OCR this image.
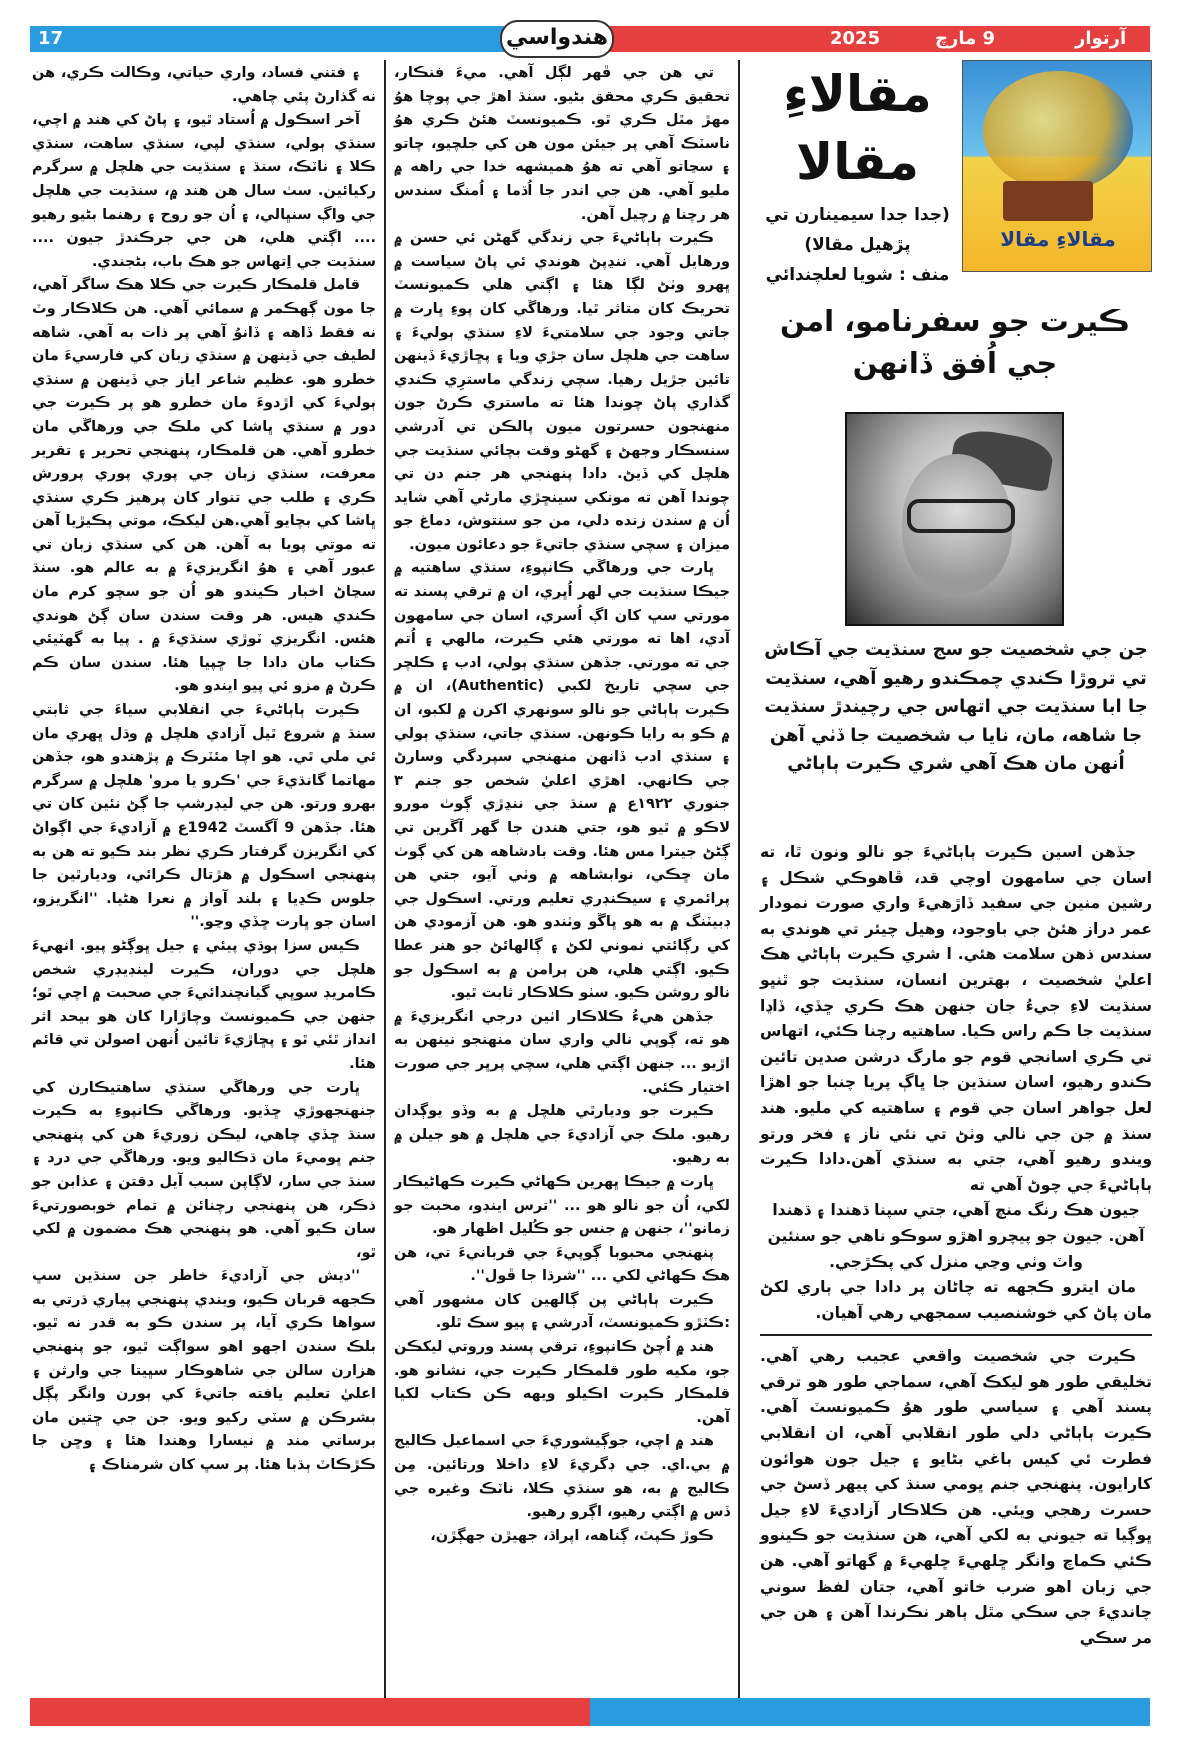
17	هندواسي	2025	9 مارچ	آرتوار
مقالاءِ مقالا
مقالاءِ
مقالا
(جدا جدا سيمينارن تي پڙهيل مقالا)
منف : شويا لعلچندائي
ڪيرت جو سفرنامو، امن جي اُفق ڏانهن
جن جي شخصيت جو سج سنڌيت جي آڪاش تي تروڙا ڪندي چمڪندو رهيو آهي، سنڌيت جا ابا سنڌيت جي اتهاس جي رچيندڙ سنڌيت جا شاهه، مان، نايا ب شخصيت جا ڏٺي آهن اُنهن مان هڪ آهي شري ڪيرت ٻاٻاڻي

جڏهن اسين ڪيرت ٻاٻاڻيءَ جو نالو ونون ٿا، ته اسان جي سامهون اوچي قد، ڦاهوڪي شڪل ۽ رشين منين جي سفيد ڏاڙهيءَ واري صورت نمودار عمر دراز هئڻ جي باوجود، وهيل چيئر تي هوندي به سندس ذهن سلامت هئي. ا شري ڪيرت ٻاٻاڻي هڪ اعليٰ شخصيت ، بهترين انسان، سنڌيت جو ٿنڀو سنڌيت لاءِ جيءُ جان جنهن هڪ ڪري ڇڏي، ڏاڍا سنڌيت جا ڪم راس ڪيا. ساهتيه رچنا ڪئي، اتهاس تي ڪري اسانجي قوم جو مارگ درشن صدين تائين ڪندو رهيو، اسان سنڌين جا ڀاڳ پريا چنبا جو اهڙا لعل جواهر اسان جي قوم ۽ ساهتيه کي مليو. هند سنڌ ۾ جن جي نالي وٺڻ تي نئي ناز ۽ فخر ورتو ويندو رهيو آهي، جتي به سنڌي آهن.دادا ڪيرت ٻاٻاڻيءَ جي چوڻ آهي ته

جيون هڪ رنگ منچ آهي، جتي سپنا ڌهندا ۽ ڌهندا آهن. جيون جو پيچرو اهڙو سوڪو ناهي جو سنئين واٽ وٺي وڃي منزل کي پڪڙجي.

مان ايترو ڪجهه ته چاڻان پر دادا جي ٻاري لکڻ مان پاڻ کي خوشنصيب سمجهي رهي آهيان.

ڪيرت جي شخصيت واقعي عجيب رهي آهي. تخليقي طور هو ليکڪ آهي، سماجي طور هو ترقي پسند آهي ۽ سياسي طور هوُ ڪميونسٽ آهي. ڪيرت ٻاٻاڻي دلي طور انقلابي آهي، ان انقلابي فطرت ئي کيس باغي بڻايو ۽ جيل جون هوائون کارايون. پنهنجي جنم ڀومي سنڌ کي پيهر ڏسڻ جي حسرت رهجي ويئي. هن ڪلاڪار آزاديءَ لاءِ جيل ڀوڳيا ته جيوني به لکي آهي، هن سنڌيت جو ڪينوو ڪئي ڪماچ وانگر ڇلهيءَ ڇلهيءَ ۾ گهاتو آهي. هن جي زبان اهو ضرب خاتو آهي، جتان لفظ سوني چانديءَ جي سڪي مٿل ٻاهر نڪرندا آهن ۽ هن جي مر سڪي

تي هن جي ڦهر لڳل آهي. ميءَ فنڪار، تحقيق ڪري محقق بڻيو. سنڌ اهڙ جي پوچا هوُ مهڙ مٿل ڪري ٿو. ڪميونسٽ هئڻ ڪري هوُ ناسٽڪ آهي پر جيئن مون هن کي جلچيو، چاتو ۽ سڃاتو آهي ته هوُ هميشهه خدا جي راهه ۾ مليو آهي. هن جي اندر جا اُڌما ۽ اُمنگ سندس هر رچنا ۾ رچيل آهن.

ڪيرت ٻاٻاڻيءَ جي زندگي گهڻن ئي حسن ۾ ورهايل آهي. ننڍپڻ هوندي ئي پاڻ سياست ۾ ڀهرو وٺڻ لڳا هئا ۽ اڳتي هلي ڪميونسٽ تحريڪ کان متاثر ٿيا. ورهاڱي کان پوءِ ڀارت ۾ جاتي وجود جي سلامتيءَ لاءِ سنڌي ٻوليءَ ۽ ساهت جي هلچل سان جڙي ويا ۽ پڇاڙيءَ ڏينهن تائين جڙيل رهيا. سچي زندگي ماسترِي ڪندي گذاري پاڻ چوندا هئا ته ماستري ڪرڻ جون منهنجون حسرتون ميون پالڪن تي آدرشي سنسڪار وجهڻ ۽ گهڻو وقت بچائي سنڌيت جي هلچل کي ڏيڻ. دادا پنهنجي هر جنم دن تي چوندا آهن ته مونکي سينڇڙي مارڻي آهي شايد اُن ۾ سندن زنده دلي، من جو سنتوش، دماغ جو ميزان ۽ سچي سنڌي جاتيءَ جو دعائون ميون.

ڀارت جي ورهاڱي ڪانپوءِ، سنڌي ساهتيه ۾ جيڪا سنڌيت جي لهر اُڀري، ان ۾ ترقي پسند ته مورتي سڀ کان اڳ اُسري، اسان جي سامهون آدي، اها ته مورتي هئي ڪيرت، مالهي ۽ اُتم جي ته مورتي. جڏهن سنڌي ٻولي، ادب ۽ ڪلچر جي سچي تاريخ لکبي (Authentic)، ان ۾ ڪيرت ٻاٻاڻي جو نالو سونهري اکرن ۾ لکبو، ان ۾ ڪو به رايا ڪونهن. سنڌي جاتي، سنڌي ٻولي ۽ سنڌي ادب ڏانهن منهنجي سپردگي وسارڻ جي ڪانهي. اهڙي اعليٰ شخص جو جنم ٣ جنوري ١٩٢٢ع ۾ سنڌ جي ننڍڙي ڳوٺ مورو لاڪو ۾ ٿيو هو، جتي هندن جا گهر آڱرين تي ڳڻڻ جيترا مس هئا. وقت بادشاهه هن کي ڳوٺ مان ڇڪي، نوابشاهه ۾ وٺي آيو، جتي هن پرائمري ۽ سيڪنڊري تعليم ورتي. اسڪول جي ڊبيٽنگ ۾ به هو ڀاڱو وٺندو هو. هن آزمودي هن کي رڳائتي نموني لکڻ ۽ ڳالهائڻ جو هنر عطا ڪيو. اڳتي هلي، هن ٻرامن ۾ به اسڪول جو نالو روشن ڪيو. سٺو ڪلاڪار ثابت ٿيو.

جڏهن هيءُ ڪلاڪار اٺين درجي انگريزيءَ ۾ هو ته، ڳوپي نالي واري سان منهنجو نينهن به اڙيو ... جنهن اڳتي هلي، سچي پرڀر جي صورت اختيار ڪئي.

ڪيرت جو وديارٿي هلچل ۾ به وڏو يوڳدان رهيو. ملڪ جي آزاديءَ جي هلچل ۾ هو جيلن ۾ به رهيو.

ڀارت ۾ جيڪا ڀهرين ڪهاڻي ڪيرت ڪهاڻيڪار لکي، اُن جو نالو هو ... ''ترس اينڊو، محبت جو زمانو''، جنهن ۾ جنس جو ڪُليل اظهار هو.

پنهنجي محبوبا ڳوپيءَ جي قربانيءَ تي، هن هڪ ڪهاڻي لکي ... ''شرڌا جا ڦول''.

ڪيرت ٻاٻاڻي پن ڳالهين کان مشهور آهي :ڪٽڙو ڪميونسٽ، آدرشي ۽ پيو سڪ ٿلو.

هند ۾ اُچڻ ڪانپوءِ، ترقي پسند وروتي ليکڪن جو، مکيه طور قلمڪار ڪيرت جي، نشانو هو. قلمڪار ڪيرت اڪيلو ويهه ڪن ڪتاب لکيا آهن.

هند ۾ اچي، جوڳيشوريءَ جي اسماعيل ڪاليج ۾ بي.اي. جي ڊگريءَ لاءِ داخلا ورتائين. مِن ڪاليج ۾ به، هو سنڌي ڪلا، ناٽڪ وغيره جي ڏس ۾ اڳتي رهيو، اڳرو رهيو.

ڪوڙ ڪپٽ، ڳناهه، اپراڌ، جهيڙن جهڳڙن،

۽ فتني فساد، واري حياتي، وڪالت ڪري، هن نه گذارڻ پئي چاهي.

آخر اسڪول ۾ اُستاد ٿيو، ۽ پاڻ کي هند ۾ اچي، سنڌي ٻولي، سنڌي لپي، سنڌي ساهت، سنڌي ڪلا ۽ ناٽڪ، سنڌ ۽ سنڌيت جي هلچل ۾ سرگرم رکيائين. سٺ سال هن هند ۾، سنڌيت جي هلچل جي واڳ سنڀالي، ۽ اُن جو روح ۽ رهنما بڻيو رهيو .... اڳتي هلي، هن جي جرڪندڙ جيون .... سنڌيت جي اِتهاس جو هڪ باب، بڻجندي.

قامل قلمڪار ڪيرت جي ڪلا هڪ ساگر آهي، جا مون ڳهڪمر ۾ سمائي آهي. هن ڪلاڪار وٽ نه فقط ڏاهه ۽ ڏانوُ آهي پر ذات به آهي. شاهه لطيف جي ڏينهن ۾ سنڌي زبان کي فارسيءَ مان خطرو هو. عظيم شاعر اياز جي ڏينهن ۾ سنڌي ٻوليءَ کي اڙدوءَ مان خطرو هو پر ڪيرت جي دور ۾ سنڌي ڀاشا کي ملڪ جي ورهاڱي مان خطرو آهي. هن قلمڪار، پنهنجي تحرير ۽ تقرير معرفت، سنڌي زبان جي پوري پوري پرورش ڪري ۽ طلب جي تنوار کان پرهيز ڪري سنڌي ڀاشا کي بچايو آهي.هن ليکڪ، موتي پڪيڙيا آهن ته موتي پويا به آهن. هن کي سنڌي زبان تي عبور آهي ۽ هوُ انگريزيءَ ۾ به عالم هو. سنڌ سڃاڻ اخبار ڪيندو هو اُن جو سچو کرم مان ڪندي هيس. هر وقت سندن سان ڳڻ هوندي هئس. انگريزي ٽوڙي سنڌيءَ ۾ . پيا به گهٽيئي ڪتاب مان دادا جا ڇپيا هئا. سندن سان ڪم ڪرڻ ۾ مزو ئي پيو ايندو هو.

ڪيرت ٻاٻاڻيءَ جي انقلابي سياءَ جي ثابتي سنڌ ۾ شروع ٿيل آزادي هلچل ۾ وڌل ڀهري مان ئي ملي ٿي. هو اچا مئٽرڪ ۾ پڙهندو هو، جڏهن مهاتما گانڌيءَ جي 'ڪرو يا مرو' هلچل ۾ سرگرم بهرو ورتو. هن جي ليڊرشپ جا ڳڻ نئين کان تي هئا. جڏهن 9 آگسٽ 1942ع ۾ آزاديءَ جي اڳواڻ کي انگريزن گرفتار ڪري نظر بند ڪيو ته هن به پنهنجي اسڪول ۾ هڙتال ڪرائي، وديارٿين جا جلوس ڪڍيا ۽ بلند آواز ۾ نعرا هڻيا. ''انگريزو، اسان جو ڀارت ڇڏي وڃو.''

ڪيس سزا ٻوڌي پيئي ۽ جيل ڀوڳڻو پيو. انهيءَ هلچل جي دوران، ڪيرت لينڊيڊري شخص ڪامريڊ سوڀي گيانچندائيءَ جي صحبت ۾ اچي ٿو؛ جنهن جي ڪميونسٽ وچاڙارا کان هو بيحد اثر انداز ٿئي ٿو ۽ پڇاڙيءَ تائين اُنهن اصولن تي قائم هئا.

ڀارت جي ورهاڱي سنڌي ساهتيڪارن کي جنهنجهوڙي ڇڏيو. ورهاڱي ڪانپوءِ به ڪيرت سنڌ ڇڏي چاهي، ليڪن زوريءَ هن کي پنهنجي جنم ڀوميءَ مان ڌڪاليو ويو. ورهاڱي جي درد ۽ سنڌ جي سار، لاڳاپن سبب آيل دقتن ۽ عذابن جو ذڪر، هن پنهنجي رچنائن ۾ تمام خوبصورتيءَ سان ڪيو آهي. هو پنهنجي هڪ مضمون ۾ لکي ٿو،

''ديش جي آزاديءَ خاطر جن سنڌين سڀ ڪجهه قربان ڪيو، ويندي پنهنجي پياري ڌرتي به سواها ڪري آيا، پر سندن ڪو به قدر نه ٿيو. بلڪ سندن اجهو اهو سواڳت ٿيو، جو پنهنجي هزارن سالن جي شاهوڪار سڀيتا جي وارثن ۽ اعليٰ تعليم يافته جاتيءَ کي ٻورن وانگر پڳل بشرڪن ۾ سٽي رکيو ويو. جن جي ڇتين مان برساتي مند ۾ نيسارا وهندا هئا ۽ وڇن جا ڪڙڪاٽ ٻڌبا هئا. پر سڀ کان شرمناڪ ۽
